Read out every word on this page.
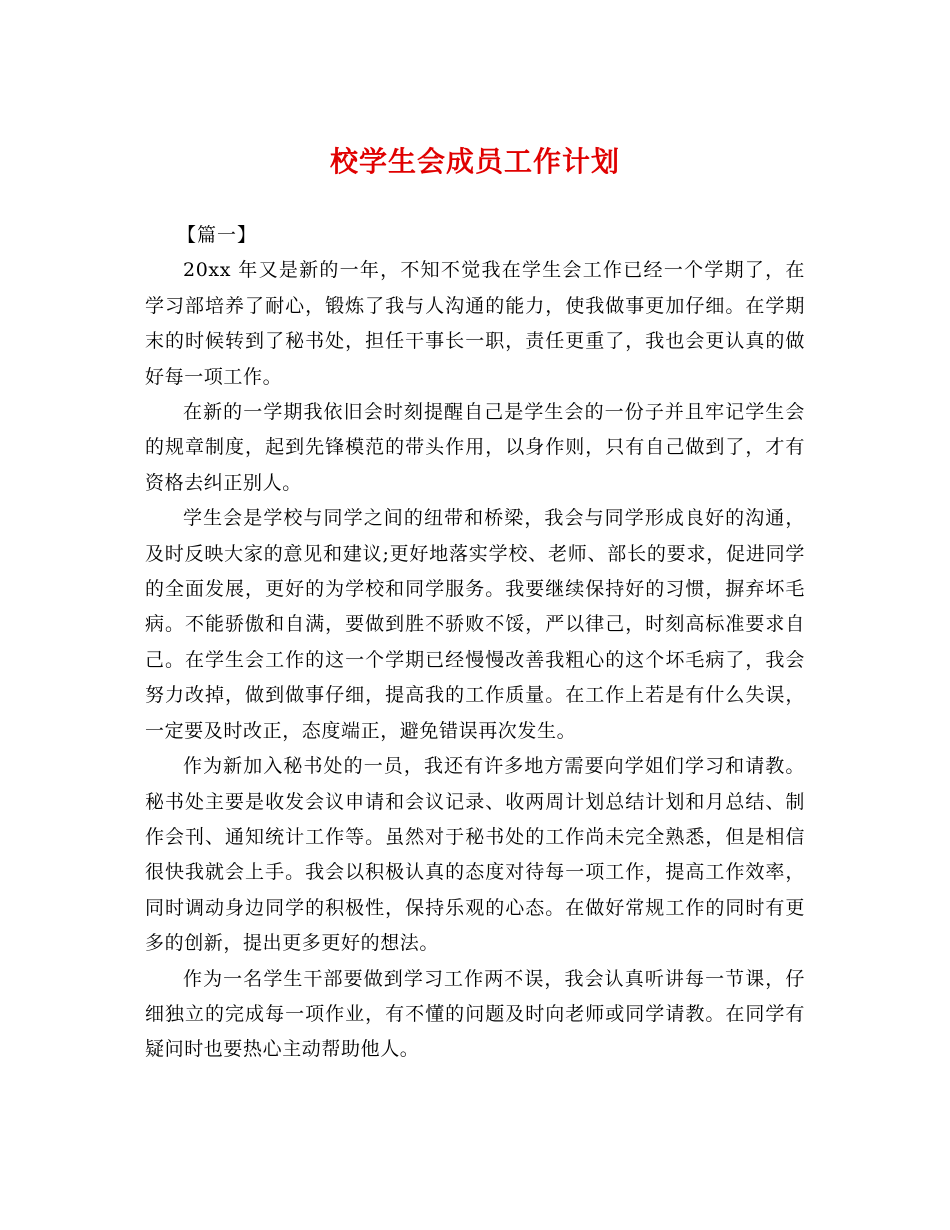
校学生会成员工作计划

【篇一】

20xx 年又是新的一年，不知不觉我在学生会工作已经一个学期了，在学习部培养了耐心，锻炼了我与人沟通的能力，使我做事更加仔细。在学期末的时候转到了秘书处，担任干事长一职，责任更重了，我也会更认真的做好每一项工作。

在新的一学期我依旧会时刻提醒自己是学生会的一份子并且牢记学生会的规章制度，起到先锋模范的带头作用，以身作则，只有自己做到了，才有资格去纠正别人。

学生会是学校与同学之间的纽带和桥梁，我会与同学形成良好的沟通，及时反映大家的意见和建议;更好地落实学校、老师、部长的要求，促进同学的全面发展，更好的为学校和同学服务。我要继续保持好的习惯，摒弃坏毛病。不能骄傲和自满，要做到胜不骄败不馁，严以律己，时刻高标准要求自己。在学生会工作的这一个学期已经慢慢改善我粗心的这个坏毛病了，我会努力改掉，做到做事仔细，提高我的工作质量。在工作上若是有什么失误，一定要及时改正，态度端正，避免错误再次发生。

作为新加入秘书处的一员，我还有许多地方需要向学姐们学习和请教。秘书处主要是收发会议申请和会议记录、收两周计划总结计划和月总结、制作会刊、通知统计工作等。虽然对于秘书处的工作尚未完全熟悉，但是相信很快我就会上手。我会以积极认真的态度对待每一项工作，提高工作效率，同时调动身边同学的积极性，保持乐观的心态。在做好常规工作的同时有更多的创新，提出更多更好的想法。

作为一名学生干部要做到学习工作两不误，我会认真听讲每一节课，仔细独立的完成每一项作业，有不懂的问题及时向老师或同学请教。在同学有疑问时也要热心主动帮助他人。
